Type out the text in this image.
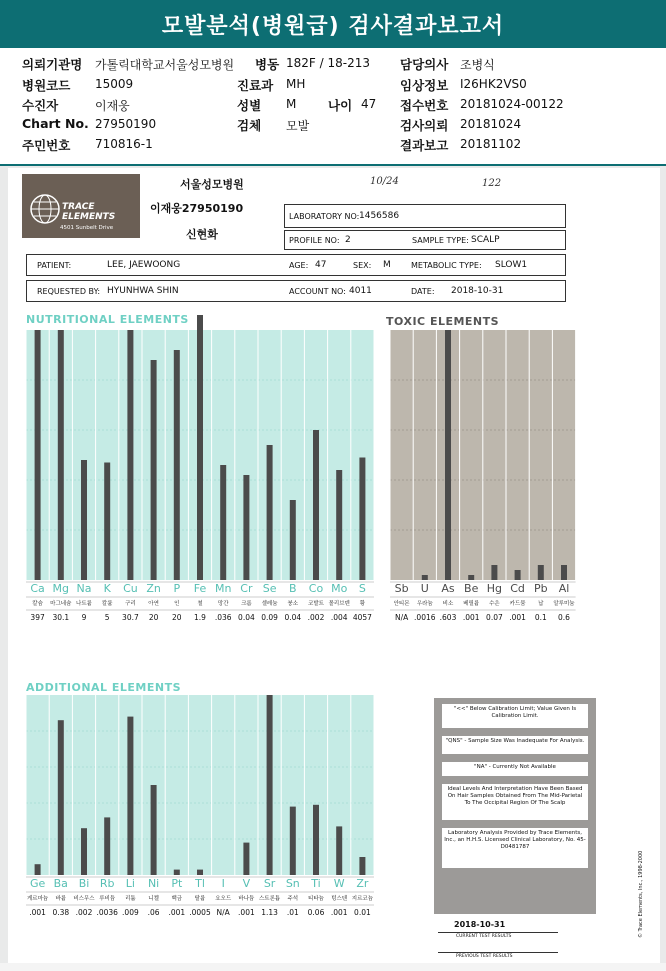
모발분석(병원급) 검사결과보고서
의뢰기관명 가톨릭대학교서울성모병원 병동 182F / 18-213 담당의사 조병식
병원코드 15009	진료과 MH	임상정보 I26HK2VS0
수진자	이재웅	성별 M	나이 47 접수번호 20181024-00122
Chart No. 27950190	검체 모발	검사의뢰 20181024
주민번호 710816-1	결과보고 20181102
TRACE ELEMENTS
4501 Sunbelt Drive
서울성모병원
이재웅27950190
신현화
10/24	122
LABORATORY NO: 1456586
PROFILE NO: 2	SAMPLE TYPE: SCALP
PATIENT:	LEE, JAEWOONG	AGE: 47	SEX: M	METABOLIC TYPE: SLOW1
REQUESTED BY: HYUNHWA SHIN	ACCOUNT NO: 4011	DATE: 2018-10-31
NUTRITIONAL ELEMENTS	TOXIC ELEMENTS
ADDITIONAL ELEMENTS
Ca
칼슘
397
Mg
마그네슘
30.1
Na
나트륨
9
K
칼륨
5
Cu
구리
30.7
Zn
아연
20
P
인
20
Fe
철
1.9
Mn
망간
.036
Cr
크롬
0.04
Se
셀레늄
0.09
B
붕소
0.04
Co
코발트
.002
Mo
몰리브덴
.004
S
황
4057
Sb
안티몬
N/A
U
우라늄
.0016
As
비소
.603
Be
베릴륨
.001
Hg
수은
0.07
Cd
카드뮴
.001
Pb
납
0.1
Al
알루미늄
0.6
Ge
게르마늄
.001
Ba
바륨
0.38
Bi
비스무스
.002
Rb
루비듐
.0036
Li
리튬
.009
Ni
니켈
.06
Pt
백금
.001
Tl
탈륨
.0005
I
요오드
N/A
V
바나듐
.001
Sr
스트론튬
1.13
Sn
주석
.01
Ti
티타늄
0.06
W
텅스텐
.001
Zr
지르코늄
0.01
"<<" Below Calibration Limit; Value Given Is Calibration Limit.
"QNS" - Sample Size Was Inadequate For Analysis.
"NA" - Currently Not Available
Ideal Levels And Interpretation Have Been Based On Hair Samples Obtained From The Mid-Parietal To The Occipital Region Of The Scalp
Laboratory Analysis Provided by Trace Elements, Inc., an H.H.S. Licensed Clinical Laboratory, No. 45-D0481787
2018-10-31
CURRENT TEST RESULTS
PREVIOUS TEST RESULTS
© Trace Elements, Inc., 1998-2000
